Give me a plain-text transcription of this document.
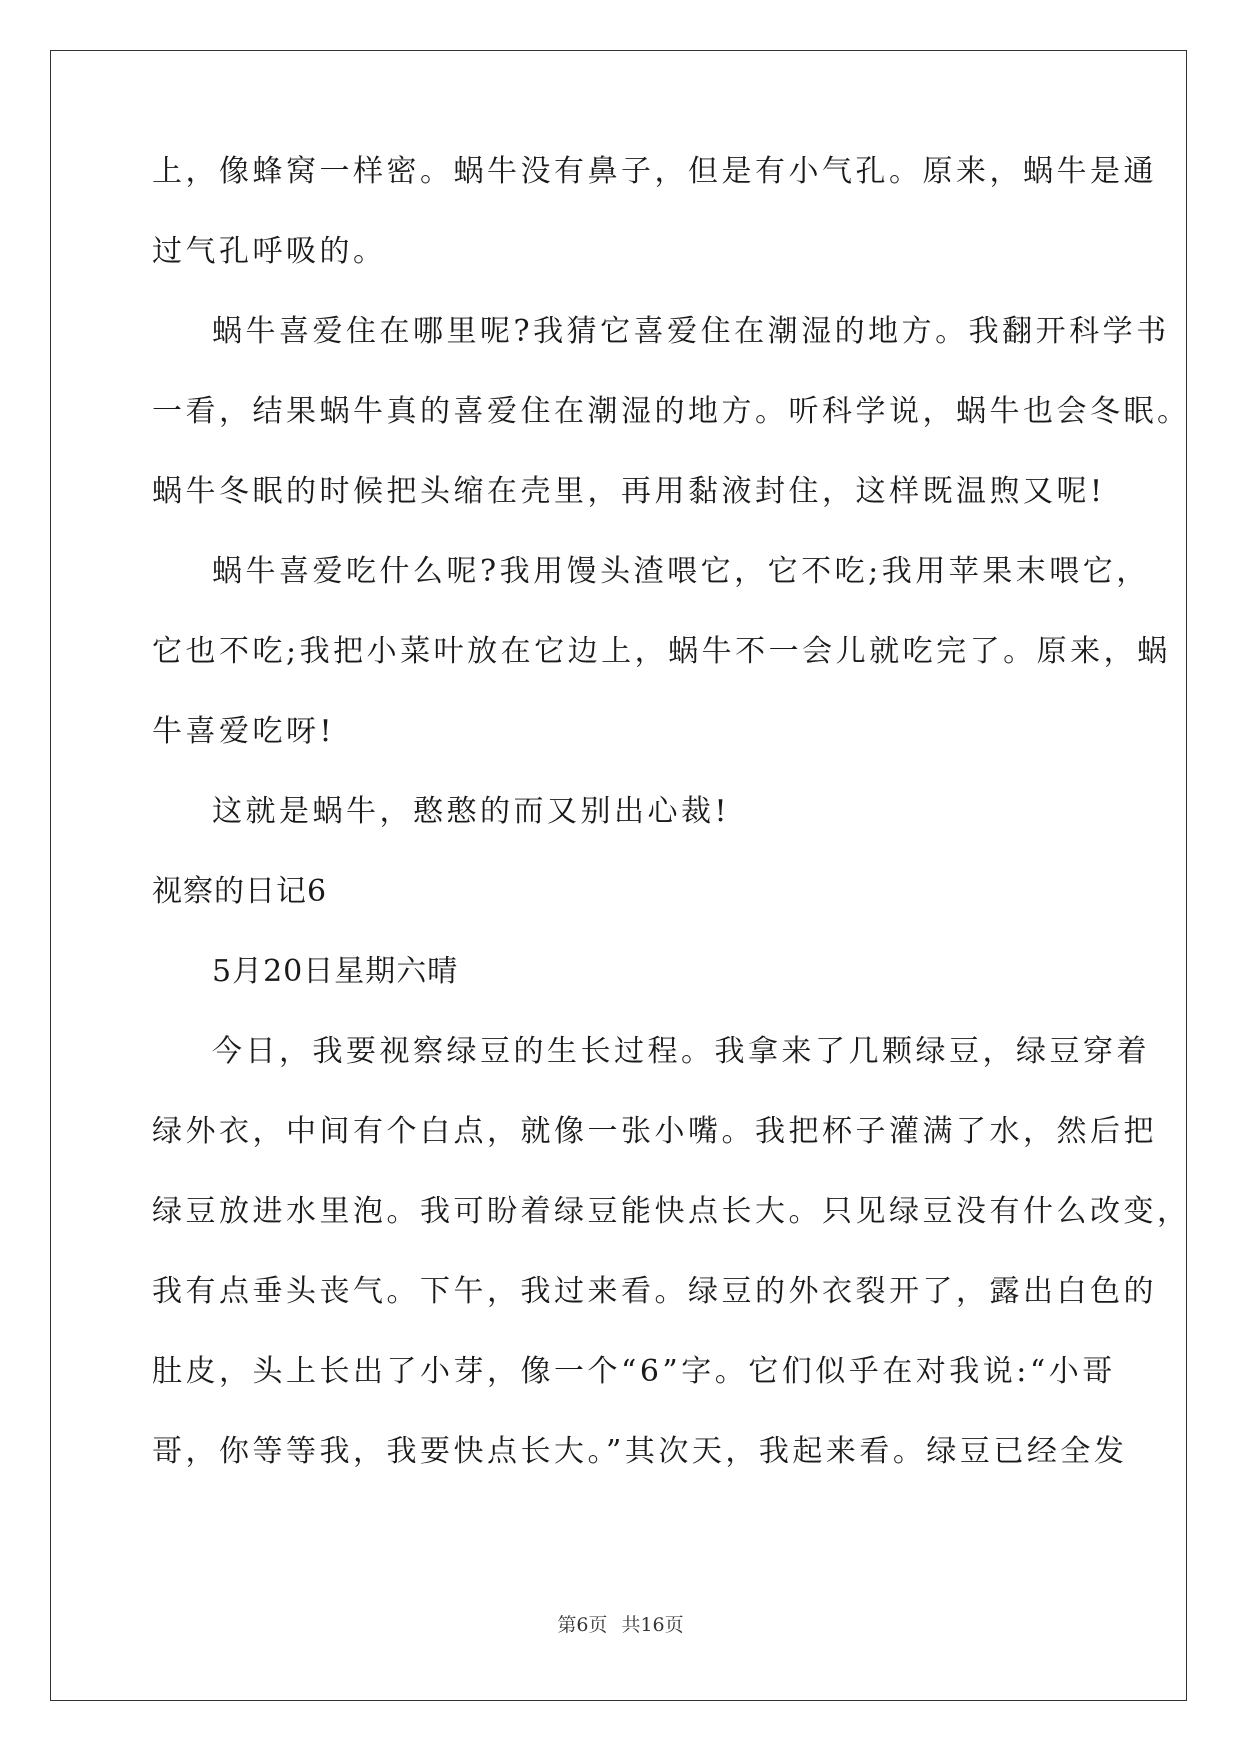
上，像蜂窝一样密。蜗牛没有鼻子，但是有小气孔。原来，蜗牛是通
过气孔呼吸的。
蜗牛喜爱住在哪里呢?我猜它喜爱住在潮湿的地方。我翻开科学书
一看，结果蜗牛真的喜爱住在潮湿的地方。听科学说，蜗牛也会冬眠。
蜗牛冬眠的时候把头缩在壳里，再用黏液封住，这样既温煦又呢!
蜗牛喜爱吃什么呢?我用馒头渣喂它，它不吃;我用苹果末喂它，
它也不吃;我把小菜叶放在它边上，蜗牛不一会儿就吃完了。原来，蜗
牛喜爱吃呀!
这就是蜗牛，憨憨的而又别出心裁!
视察的日记6
5月20日星期六晴
今日，我要视察绿豆的生长过程。我拿来了几颗绿豆，绿豆穿着
绿外衣，中间有个白点，就像一张小嘴。我把杯子灌满了水，然后把
绿豆放进水里泡。我可盼着绿豆能快点长大。只见绿豆没有什么改变，
我有点垂头丧气。下午，我过来看。绿豆的外衣裂开了，露出白色的
肚皮，头上长出了小芽，像一个“6”字。它们似乎在对我说:“小哥
哥，你等等我，我要快点长大。”其次天，我起来看。绿豆已经全发
第6页 共16页
